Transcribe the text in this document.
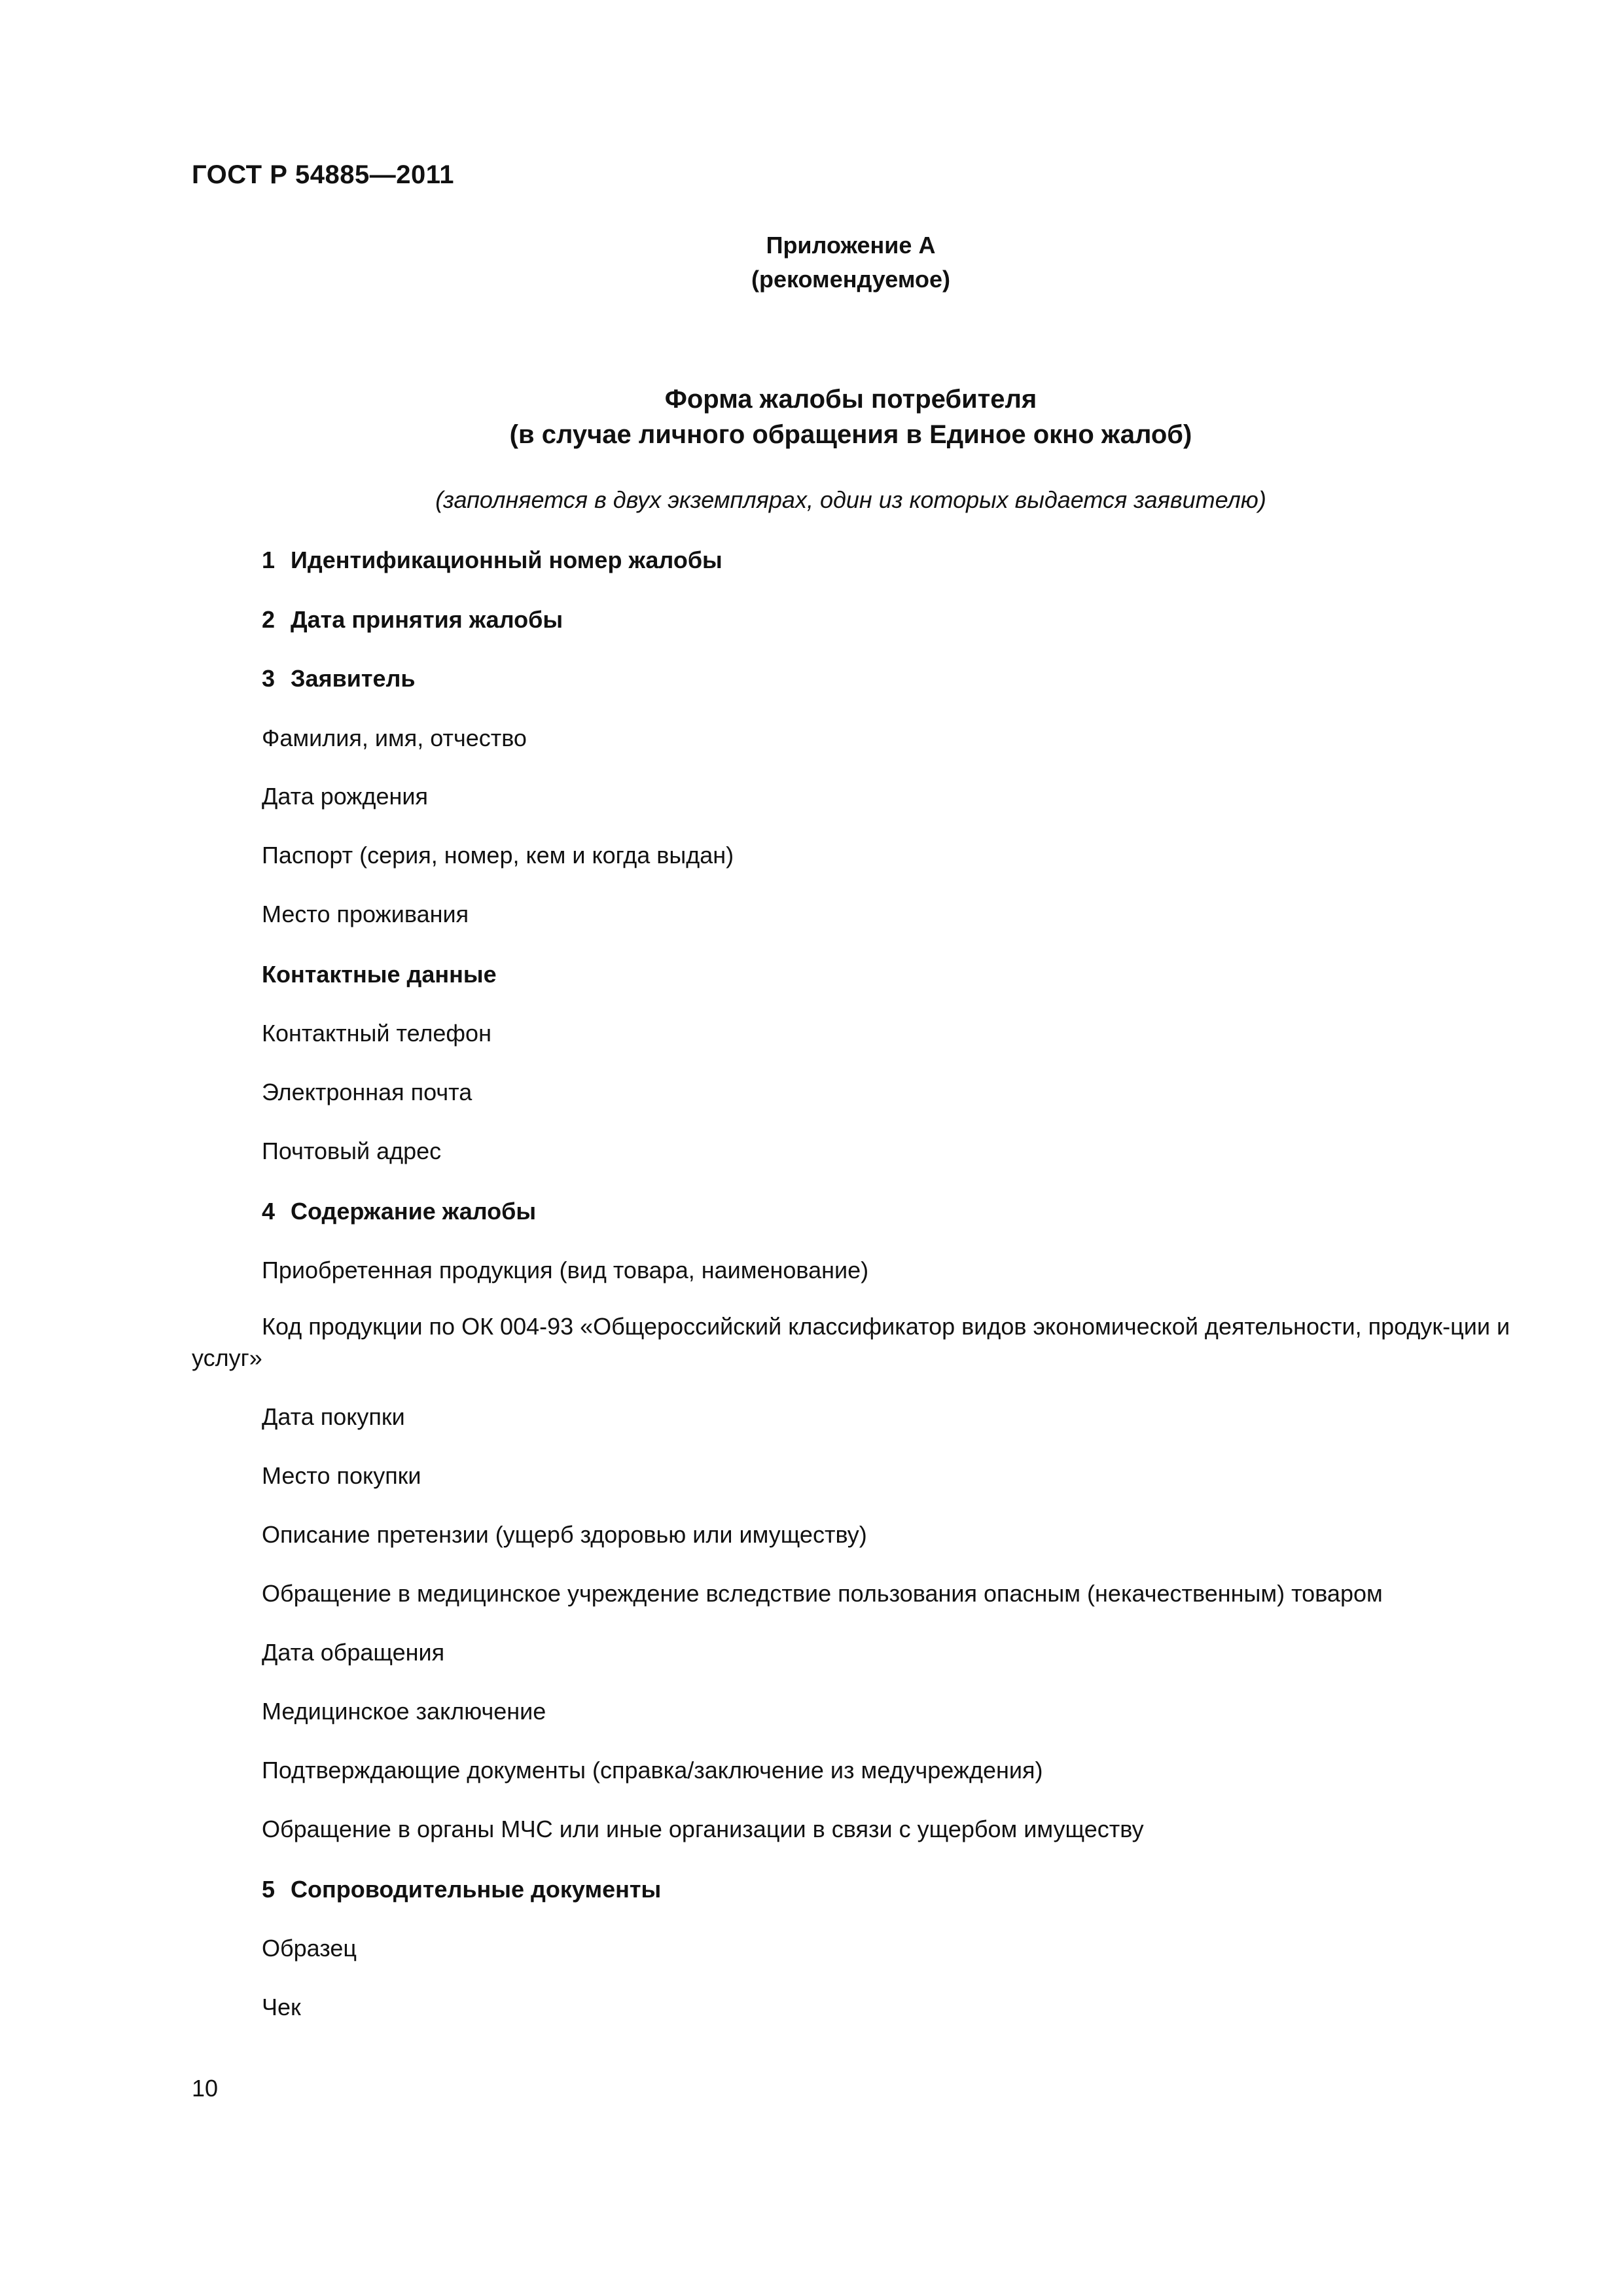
ГОСТ Р 54885—2011
Приложение А
(рекомендуемое)
Форма жалобы потребителя
(в случае личного обращения в Единое окно жалоб)
(заполняется в двух экземплярах, один из которых выдается заявителю)
1 Идентификационный номер жалобы
2 Дата принятия жалобы
3 Заявитель
Фамилия, имя, отчество
Дата рождения
Паспорт (серия, номер, кем и когда выдан)
Место проживания
Контактные данные
Контактный телефон
Электронная почта
Почтовый адрес
4 Содержание жалобы
Приобретенная продукция (вид товара, наименование)
Код продукции по ОК 004-93 «Общероссийский классификатор видов экономической деятельности, продук-ции и услуг»
Дата покупки
Место покупки
Описание претензии (ущерб здоровью или имуществу)
Обращение в медицинское учреждение вследствие пользования опасным (некачественным) товаром
Дата обращения
Медицинское заключение
Подтверждающие документы (справка/заключение из медучреждения)
Обращение в органы МЧС или иные организации в связи с ущербом имуществу
5 Сопроводительные документы
Образец
Чек
10
